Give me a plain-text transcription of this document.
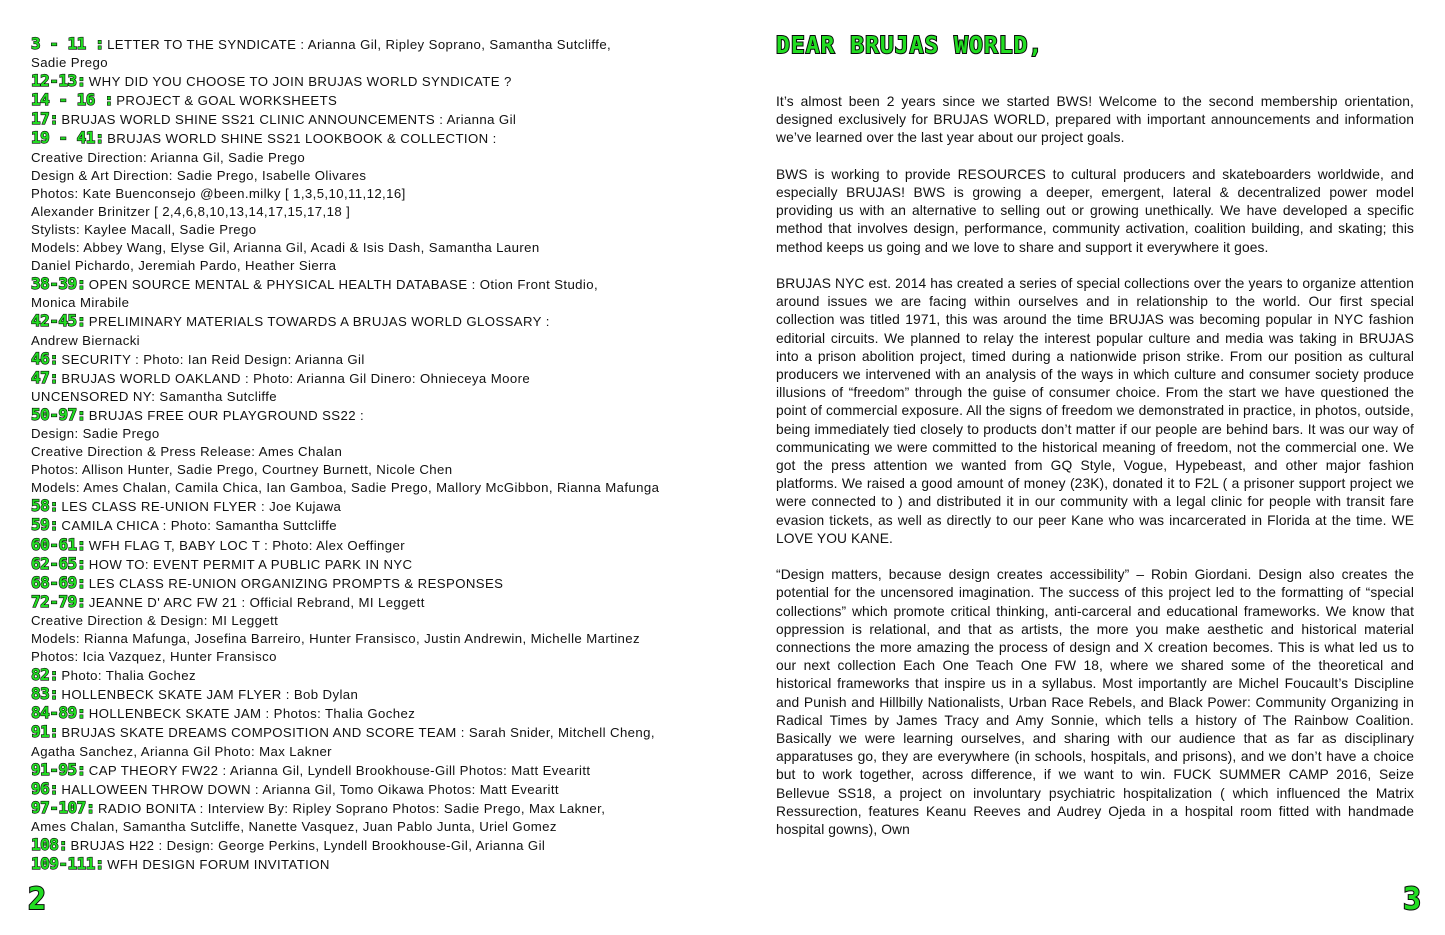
3 - 11 : LETTER TO THE SYNDICATE : Arianna Gil, Ripley Soprano, Samantha Sutcliffe,
Sadie Prego
12-13: WHY DID YOU CHOOSE TO JOIN BRUJAS WORLD SYNDICATE ?
14 - 16 : PROJECT & GOAL WORKSHEETS
17: BRUJAS WORLD SHINE SS21 CLINIC ANNOUNCEMENTS : Arianna Gil
19 - 41: BRUJAS WORLD SHINE SS21 LOOKBOOK & COLLECTION :
Creative Direction: Arianna Gil, Sadie Prego
Design & Art Direction: Sadie Prego, Isabelle Olivares
Photos: Kate Buenconsejo @been.milky [ 1,3,5,10,11,12,16]
Alexander Brinitzer [ 2,4,6,8,10,13,14,17,15,17,18 ]
Stylists: Kaylee Macall, Sadie Prego
Models: Abbey Wang, Elyse Gil, Arianna Gil, Acadi & Isis Dash, Samantha Lauren
Daniel Pichardo, Jeremiah Pardo, Heather Sierra
38-39: OPEN SOURCE MENTAL & PHYSICAL HEALTH DATABASE : Otion Front Studio,
Monica Mirabile
42-45: PRELIMINARY MATERIALS TOWARDS A BRUJAS WORLD GLOSSARY :
Andrew Biernacki
46: SECURITY : Photo: Ian Reid Design: Arianna Gil
47: BRUJAS WORLD OAKLAND : Photo: Arianna Gil Dinero: Ohnieceya Moore
UNCENSORED NY: Samantha Sutcliffe
50-97: BRUJAS FREE OUR PLAYGROUND SS22 :
Design: Sadie Prego
Creative Direction & Press Release: Ames Chalan
Photos: Allison Hunter, Sadie Prego, Courtney Burnett, Nicole Chen
Models: Ames Chalan, Camila Chica, Ian Gamboa, Sadie Prego, Mallory McGibbon, Rianna Mafunga
58: LES CLASS RE-UNION FLYER : Joe Kujawa
59: CAMILA CHICA : Photo: Samantha Suttcliffe
60-61: WFH FLAG T, BABY LOC T : Photo: Alex Oeffinger
62-65: HOW TO: EVENT PERMIT A PUBLIC PARK IN NYC
68-69: LES CLASS RE-UNION ORGANIZING PROMPTS & RESPONSES
72-79: JEANNE D' ARC FW 21 : Official Rebrand, MI Leggett
Creative Direction & Design: MI Leggett
Models: Rianna Mafunga, Josefina Barreiro, Hunter Fransisco, Justin Andrewin, Michelle Martinez
Photos: Icia Vazquez, Hunter Fransisco
82: Photo: Thalia Gochez
83: HOLLENBECK SKATE JAM FLYER : Bob Dylan
84-89: HOLLENBECK SKATE JAM : Photos: Thalia Gochez
91: BRUJAS SKATE DREAMS COMPOSITION AND SCORE TEAM : Sarah Snider, Mitchell Cheng,
Agatha Sanchez, Arianna Gil Photo: Max Lakner
91-95: CAP THEORY FW22 : Arianna Gil, Lyndell Brookhouse-Gill Photos: Matt Evearitt
96: HALLOWEEN THROW DOWN : Arianna Gil, Tomo Oikawa Photos: Matt Evearitt
97-107: RADIO BONITA : Interview By: Ripley Soprano Photos: Sadie Prego, Max Lakner,
Ames Chalan, Samantha Sutcliffe, Nanette Vasquez, Juan Pablo Junta, Uriel Gomez
108: BRUJAS H22 : Design: George Perkins, Lyndell Brookhouse-Gil, Arianna Gil
109-111: WFH DESIGN FORUM INVITATION
2
DEAR BRUJAS WORLD,

It’s almost been 2 years since we started BWS! Welcome to the second membership orientation, designed exclusively for BRUJAS WORLD, prepared with important announcements and information we’ve learned over the last year about our project goals.

BWS is working to provide RESOURCES to cultural producers and skateboarders worldwide, and especially BRUJAS! BWS is growing a deeper, emergent, lateral & decentralized power model providing us with an alternative to selling out or growing unethically. We have developed a specific method that involves design, performance, community activation, coalition building, and skating; this method keeps us going and we love to share and support it everywhere it goes.

BRUJAS NYC est. 2014 has created a series of special collections over the years to organize attention around issues we are facing within ourselves and in relationship to the world. Our first special collection was titled 1971, this was around the time BRUJAS was becoming popular in NYC fashion editorial circuits. We planned to relay the interest popular culture and media was taking in BRUJAS into a prison abolition project, timed during a nationwide prison strike. From our position as cultural producers we intervened with an analysis of the ways in which culture and consumer society produce illusions of “freedom” through the guise of consumer choice. From the start we have questioned the point of commercial exposure. All the signs of freedom we demonstrated in practice, in photos, outside, being immediately tied closely to products don’t matter if our people are behind bars. It was our way of communicating we were committed to the historical meaning of freedom, not the commercial one. We got the press attention we wanted from GQ Style, Vogue, Hypebeast, and other major fashion platforms. We raised a good amount of money (23K), donated it to F2L ( a prisoner support project we were connected to ) and distributed it in our community with a legal clinic for people with transit fare evasion tickets, as well as directly to our peer Kane who was incarcerated in Florida at the time. WE LOVE YOU KANE.

“Design matters, because design creates accessibility” – Robin Giordani. Design also creates the potential for the uncensored imagination. The success of this project led to the formatting of “special collections” which promote critical thinking, anti-carceral and educational frameworks. We know that oppression is relational, and that as artists, the more you make aesthetic and historical material connections the more amazing the process of design and X creation becomes. This is what led us to our next collection Each One Teach One FW 18, where we shared some of the theoretical and historical frameworks that inspire us in a syllabus. Most importantly are Michel Foucault’s Discipline and Punish and Hillbilly Nationalists, Urban Race Rebels, and Black Power: Community Organizing in Radical Times by James Tracy and Amy Sonnie, which tells a history of The Rainbow Coalition. Basically we were learning ourselves, and sharing with our audience that as far as disciplinary apparatuses go, they are everywhere (in schools, hospitals, and prisons), and we don’t have a choice but to work together, across difference, if we want to win. FUCK SUMMER CAMP 2016, Seize Bellevue SS18, a project on involuntary psychiatric hospitalization ( which influenced the Matrix Ressurection, features Keanu Reeves and Audrey Ojeda in a hospital room fitted with handmade hospital gowns), Own

3
